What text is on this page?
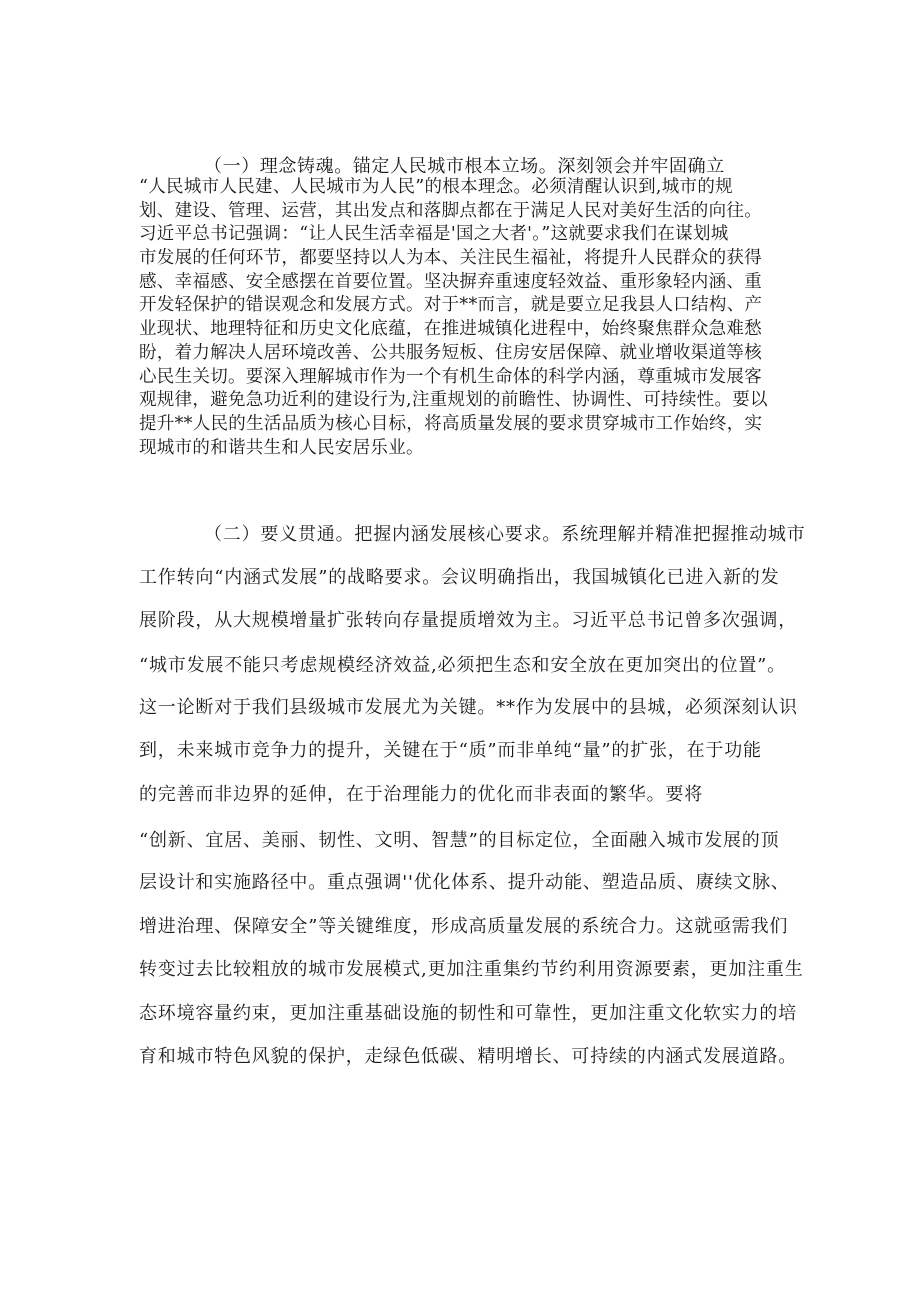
（一）理念铸魂。锚定人民城市根本立场。深刻领会并牢固确立
“人民城市人民建、人民城市为人民”的根本理念。必须清醒认识到,城市的规
划、建设、管理、运营，其出发点和落脚点都在于满足人民对美好生活的向往。
习近平总书记强调：“让人民生活幸福是'国之大者'。”这就要求我们在谋划城
市发展的任何环节，都要坚持以人为本、关注民生福祉，将提升人民群众的获得
感、幸福感、安全感摆在首要位置。坚决摒弃重速度轻效益、重形象轻内涵、重
开发轻保护的错误观念和发展方式。对于**而言，就是要立足我县人口结构、产
业现状、地理特征和历史文化底蕴，在推进城镇化进程中，始终聚焦群众急难愁
盼，着力解决人居环境改善、公共服务短板、住房安居保障、就业增收渠道等核
心民生关切。要深入理解城市作为一个有机生命体的科学内涵，尊重城市发展客
观规律，避免急功近利的建设行为,注重规划的前瞻性、协调性、可持续性。要以
提升**人民的生活品质为核心目标，将高质量发展的要求贯穿城市工作始终，实
现城市的和谐共生和人民安居乐业。
（二）要义贯通。把握内涵发展核心要求。系统理解并精准把握推动城市
工作转向“内涵式发展”的战略要求。会议明确指出，我国城镇化已进入新的发
展阶段，从大规模增量扩张转向存量提质增效为主。习近平总书记曾多次强调，
“城市发展不能只考虑规模经济效益,必须把生态和安全放在更加突出的位置”。
这一论断对于我们县级城市发展尤为关键。**作为发展中的县城，必须深刻认识
到，未来城市竞争力的提升，关键在于“质”而非单纯“量”的扩张，在于功能
的完善而非边界的延伸，在于治理能力的优化而非表面的繁华。要将
“创新、宜居、美丽、韧性、文明、智慧”的目标定位，全面融入城市发展的顶
层设计和实施路径中。重点强调''优化体系、提升动能、塑造品质、赓续文脉、
增进治理、保障安全”等关键维度，形成高质量发展的系统合力。这就亟需我们
转变过去比较粗放的城市发展模式,更加注重集约节约利用资源要素，更加注重生
态环境容量约束，更加注重基础设施的韧性和可靠性，更加注重文化软实力的培
育和城市特色风貌的保护，走绿色低碳、精明增长、可持续的内涵式发展道路。
